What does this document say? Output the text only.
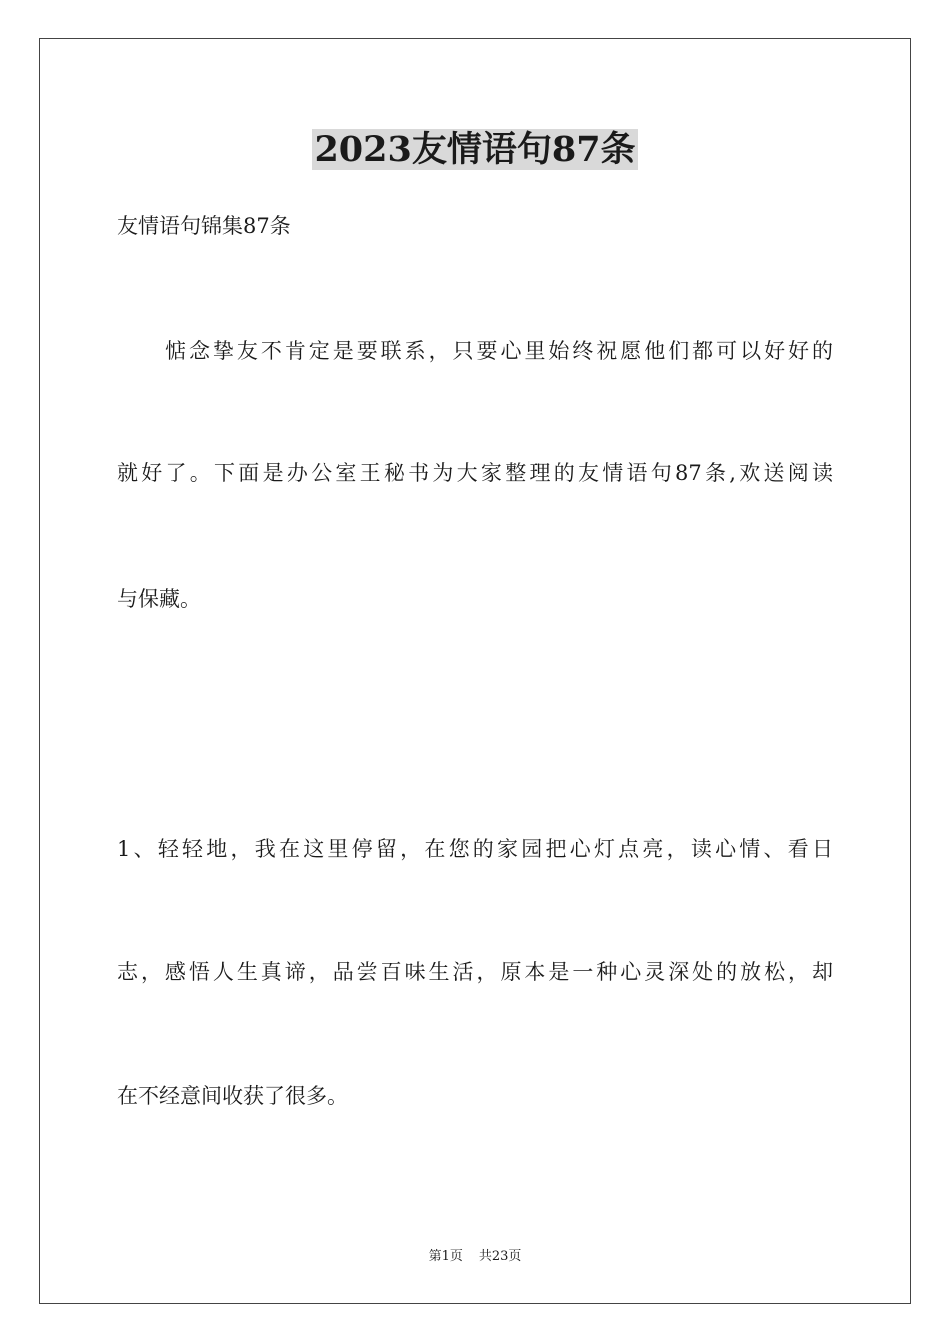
2023友情语句87条

友情语句锦集87条

惦念挚友不肯定是要联系，只要心里始终祝愿他们都可以好好的

就好了。下面是办公室王秘书为大家整理的友情语句87条,欢送阅读

与保藏。

1、轻轻地，我在这里停留，在您的家园把心灯点亮，读心情、看日

志，感悟人生真谛，品尝百味生活，原本是一种心灵深处的放松，却

在不经意间收获了很多。

第1页 共23页
